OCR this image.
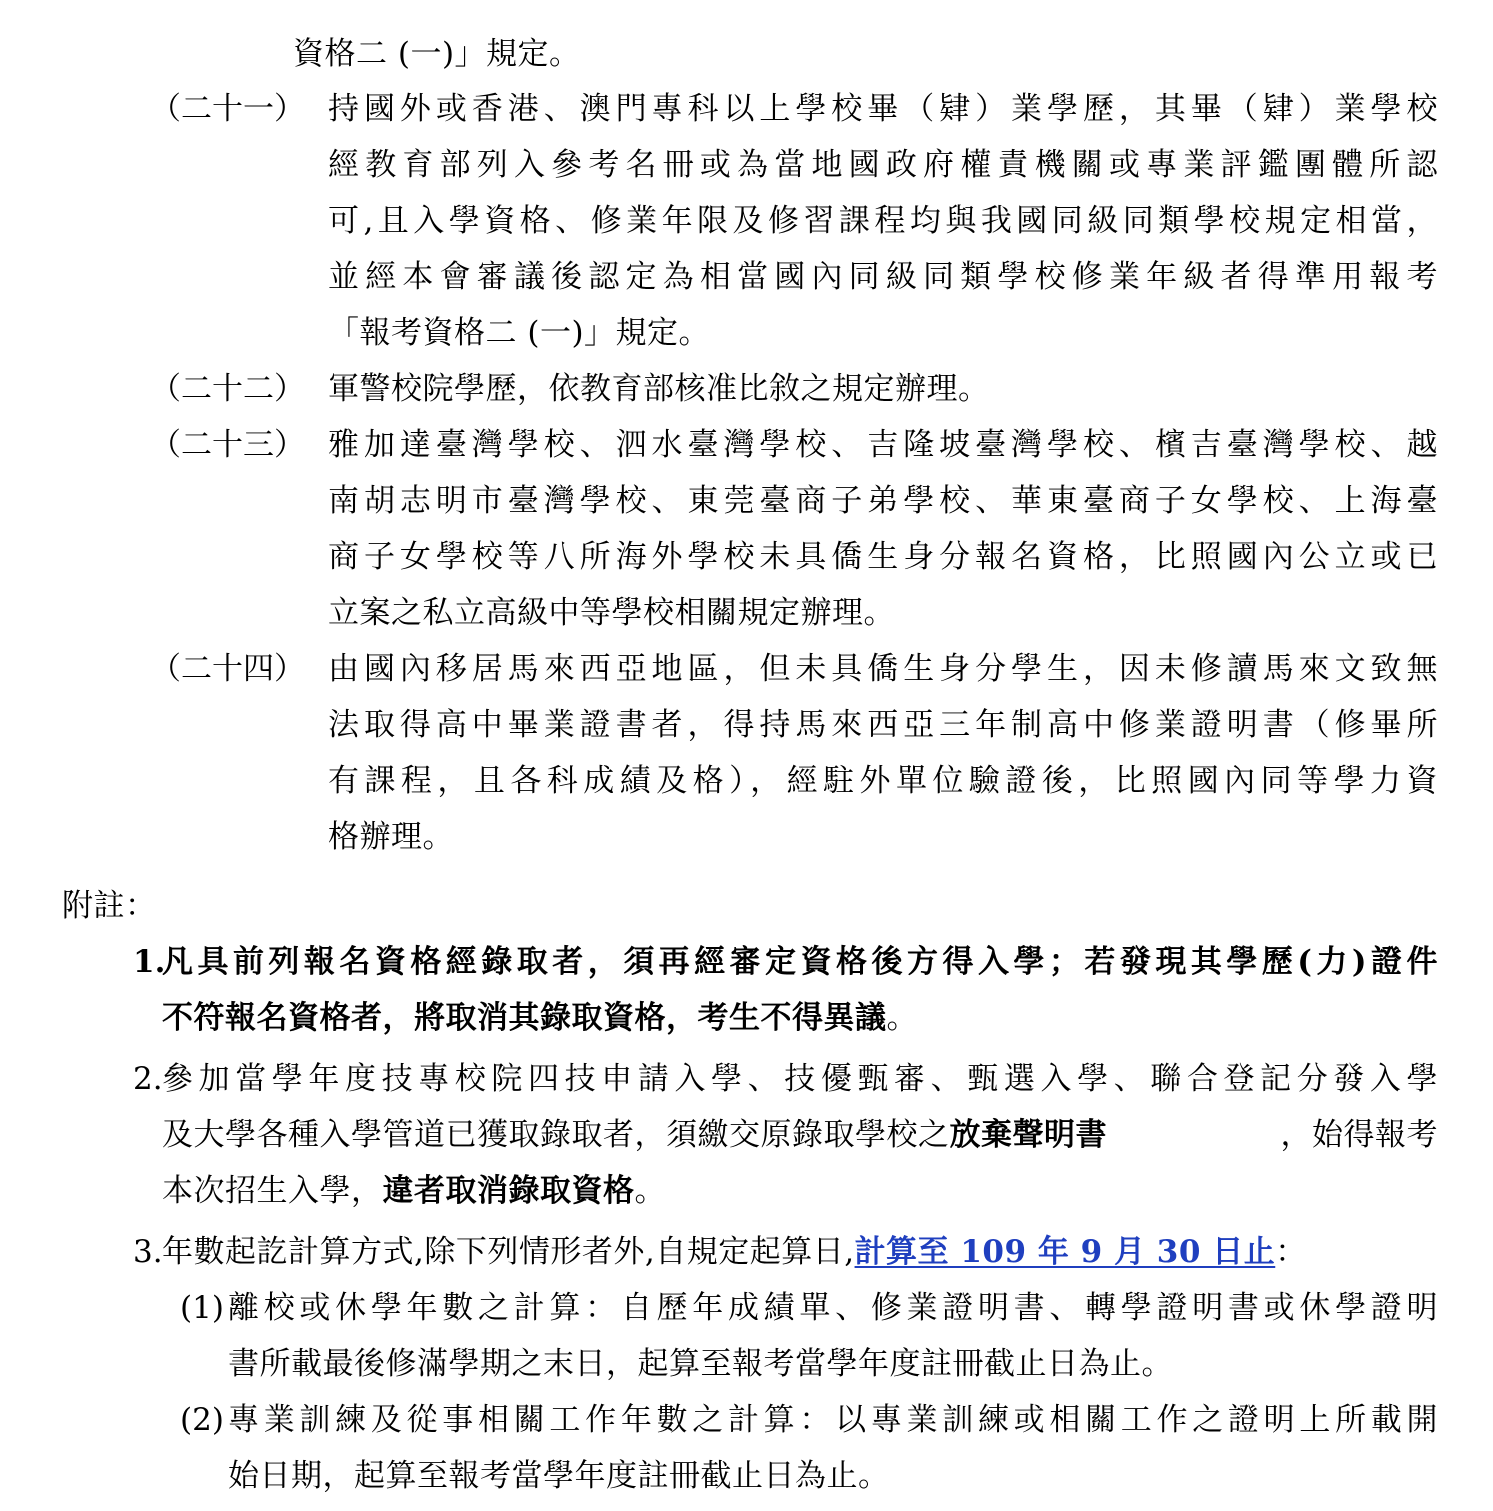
資格二 (一)」規定。
（二十一） 持國外或香港、澳門專科以上學校畢（肄）業學歷，其畢（肄）業學校
經教育部列入參考名冊或為當地國政府權責機關或專業評鑑團體所認
可,且入學資格、修業年限及修習課程均與我國同級同類學校規定相當，
並經本會審議後認定為相當國內同級同類學校修業年級者得準用報考
「報考資格二 (一)」規定。
（二十二） 軍警校院學歷，依教育部核准比敘之規定辦理。
（二十三） 雅加達臺灣學校、泗水臺灣學校、吉隆坡臺灣學校、檳吉臺灣學校、越
南胡志明市臺灣學校、東莞臺商子弟學校、華東臺商子女學校、上海臺
商子女學校等八所海外學校未具僑生身分報名資格，比照國內公立或已
立案之私立高級中等學校相關規定辦理。
（二十四） 由國內移居馬來西亞地區，但未具僑生身分學生，因未修讀馬來文致無
法取得高中畢業證書者，得持馬來西亞三年制高中修業證明書（修畢所
有課程，且各科成績及格），經駐外單位驗證後，比照國內同等學力資
格辦理。
附註：
1.
凡具前列報名資格經錄取者，須再經審定資格後方得入學；若發現其學歷(力)證件
不符報名資格者，將取消其錄取資格，考生不得異議。
2. 參加當學年度技專校院四技申請入學、技優甄審、甄選入學、聯合登記分發入學
及大學各種入學管道已獲取錄取者，須繳交原錄取學校之放棄聲明書	，始得報考
本次招生入學，違者取消錄取資格。
3. 年數起訖計算方式,除下列情形者外,自規定起算日,計算至 109 年 9 月 30 日止：
(1) 離校或休學年數之計算：自歷年成績單、修業證明書、轉學證明書或休學證明
書所載最後修滿學期之末日，起算至報考當學年度註冊截止日為止。
(2) 專業訓練及從事相關工作年數之計算：以專業訓練或相關工作之證明上所載開
始日期，起算至報考當學年度註冊截止日為止。
